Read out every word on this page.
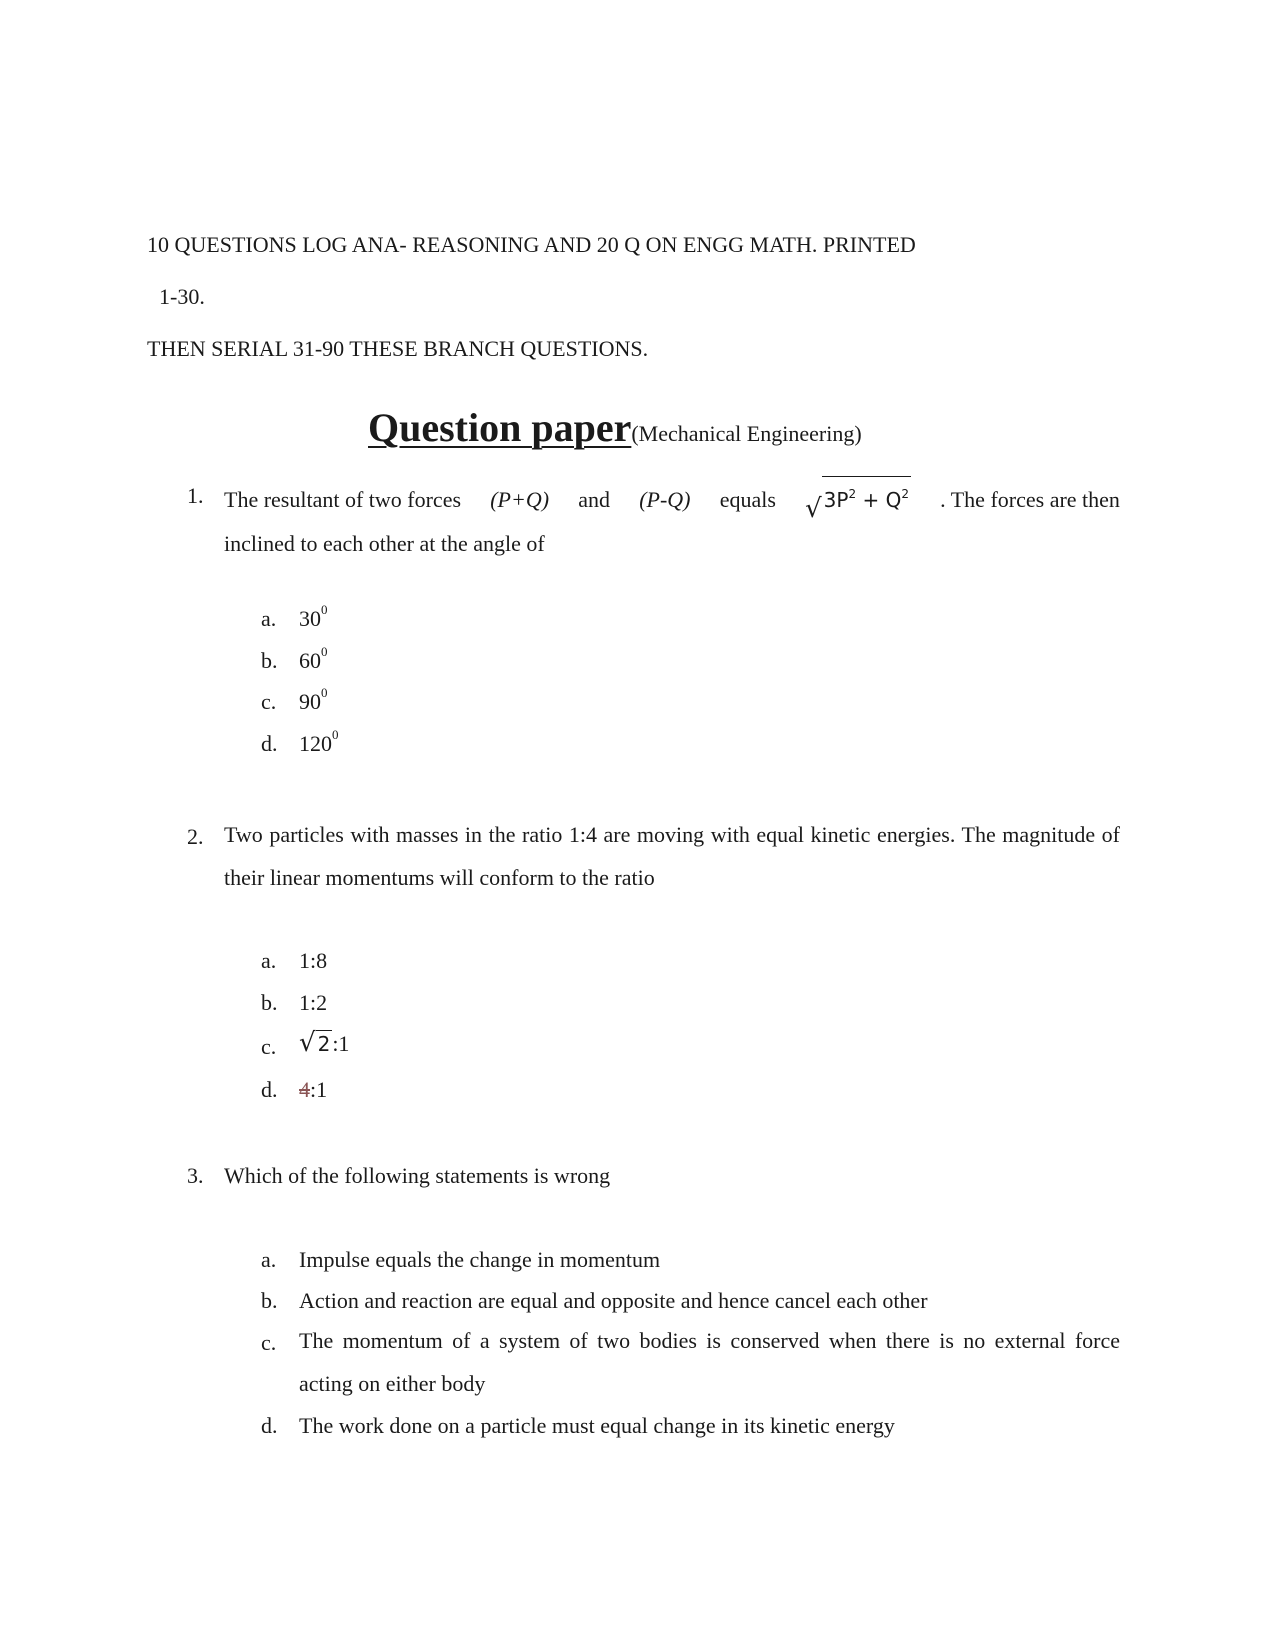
10 QUESTIONS LOG ANA- REASONING AND 20 Q ON ENGG MATH. PRINTED
1-30.
THEN SERIAL 31-90 THESE BRANCH QUESTIONS.
Question paper(Mechanical Engineering)
1. The resultant of two forces (P+Q) and (P-Q) equals √ $3P^2 + Q^2$ . The forces are then
inclined to each other at the angle of
a. $30^0$
b. $60^0$
c. $90^0$
d. $120^0$
2. Two particles with masses in the ratio 1:4 are moving with equal kinetic energies. The magnitude of their linear momentums will conform to the ratio
a. 1:8
b. 1:2
c. √ 2 :1
d. 4:1
3. Which of the following statements is wrong
a. Impulse equals the change in momentum
b. Action and reaction are equal and opposite and hence cancel each other
c. The momentum of a system of two bodies is conserved when there is no external force acting on either body
d. The work done on a particle must equal change in its kinetic energy
